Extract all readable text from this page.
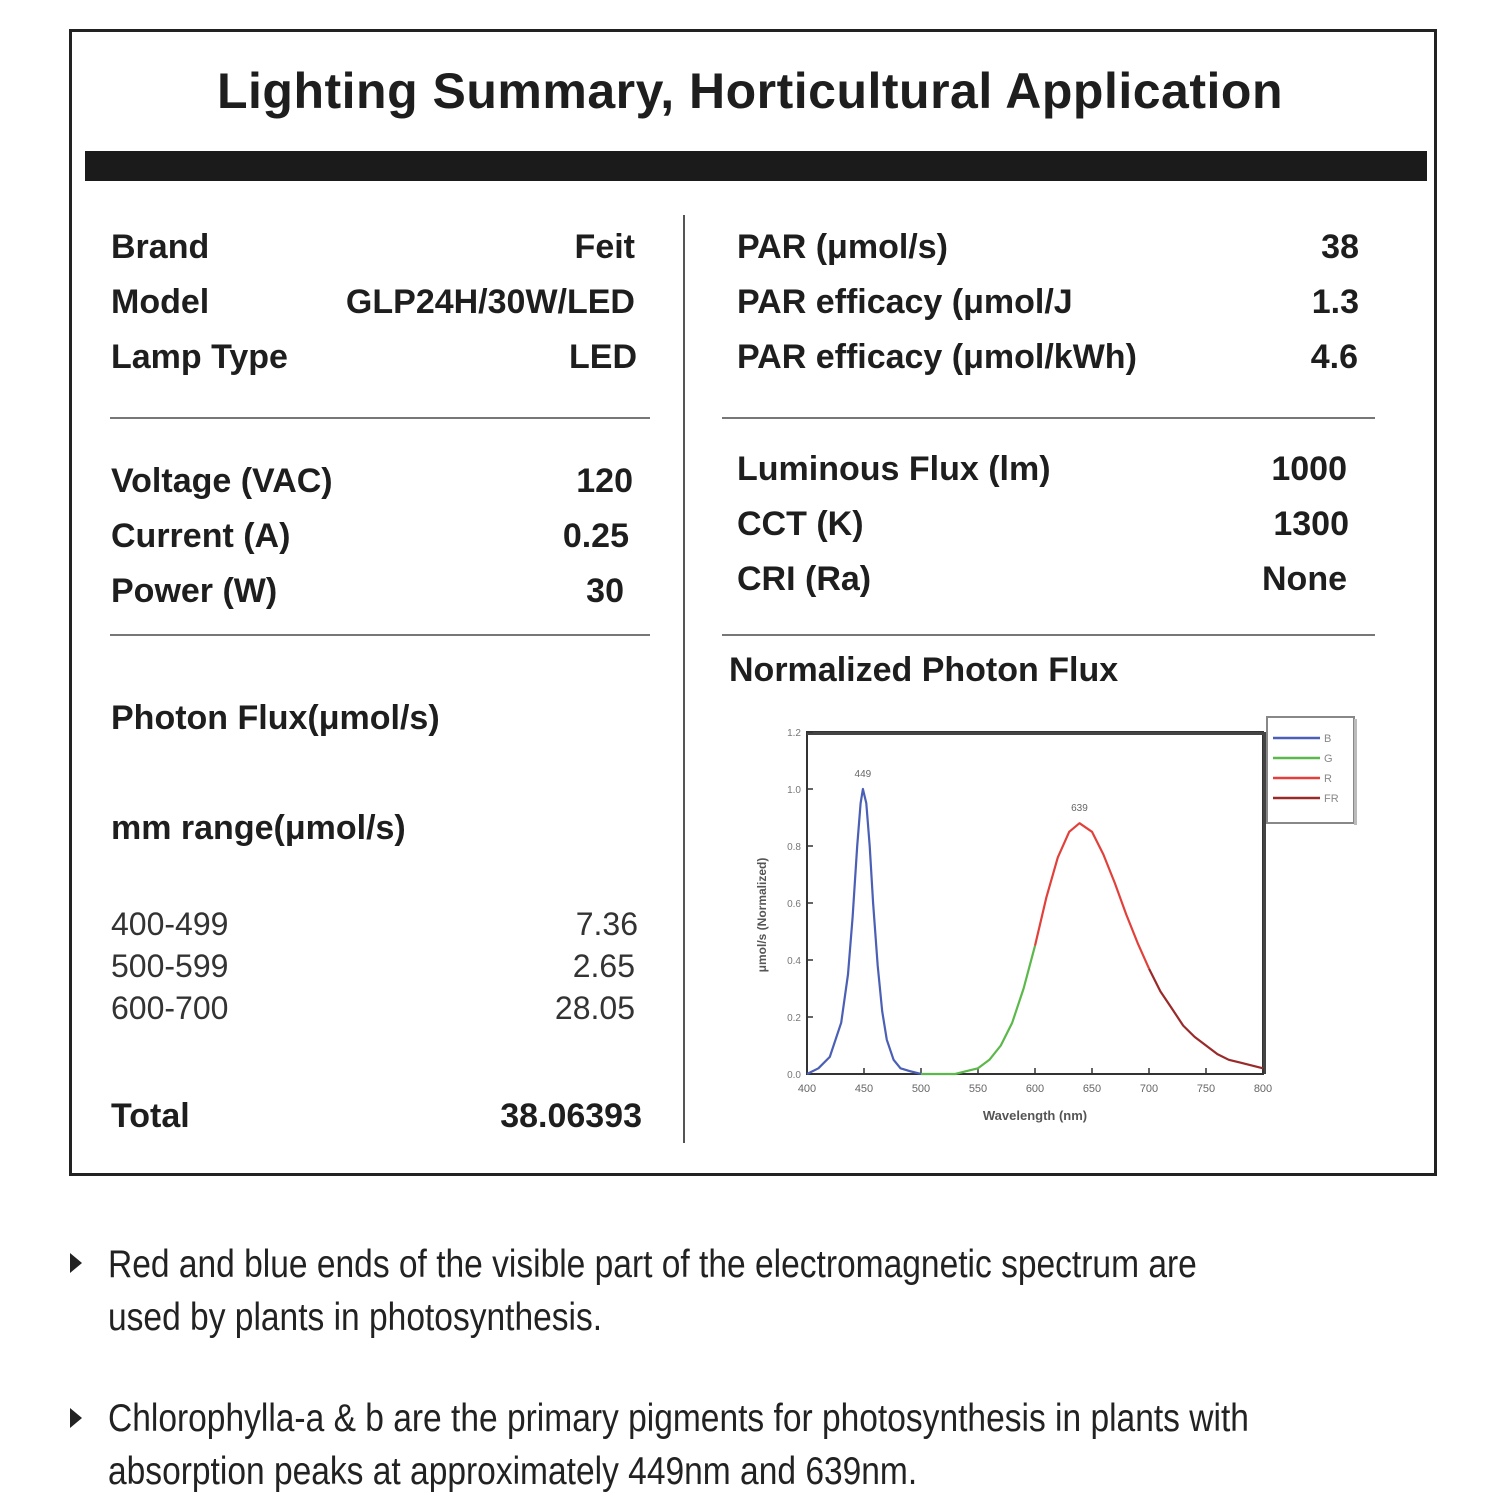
Lighting Summary, Horticultural Application
Brand	Feit
Model	GLP24H/30W/LED
Lamp Type	LED
Voltage (VAC)	120
Current (A)	0.25
Power (W)	30
Photon Flux(μmol/s)
mm range(μmol/s)
400-499	7.36
500-599	2.65
600-700	28.05
Total	38.06393
PAR (μmol/s)	38
PAR efficacy (μmol/J	1.3
PAR efficacy (μmol/kWh)	4.6
Luminous Flux (lm)	1000
CCT (K)	1300
CRI (Ra)	None
Normalized Photon Flux
400	450	500	550	600	650	700	750	800
0.0
0.2
0.4
0.6
0.8
1.0
1.2
449
639
Wavelength (nm)
μmol/s (Normalized)
B
G
R
FR
Red and blue ends of the visible part of the electromagnetic spectrum are used by plants in photosynthesis.
Chlorophylla-a & b are the primary pigments for photosynthesis in plants with absorption peaks at approximately 449nm and 639nm.
